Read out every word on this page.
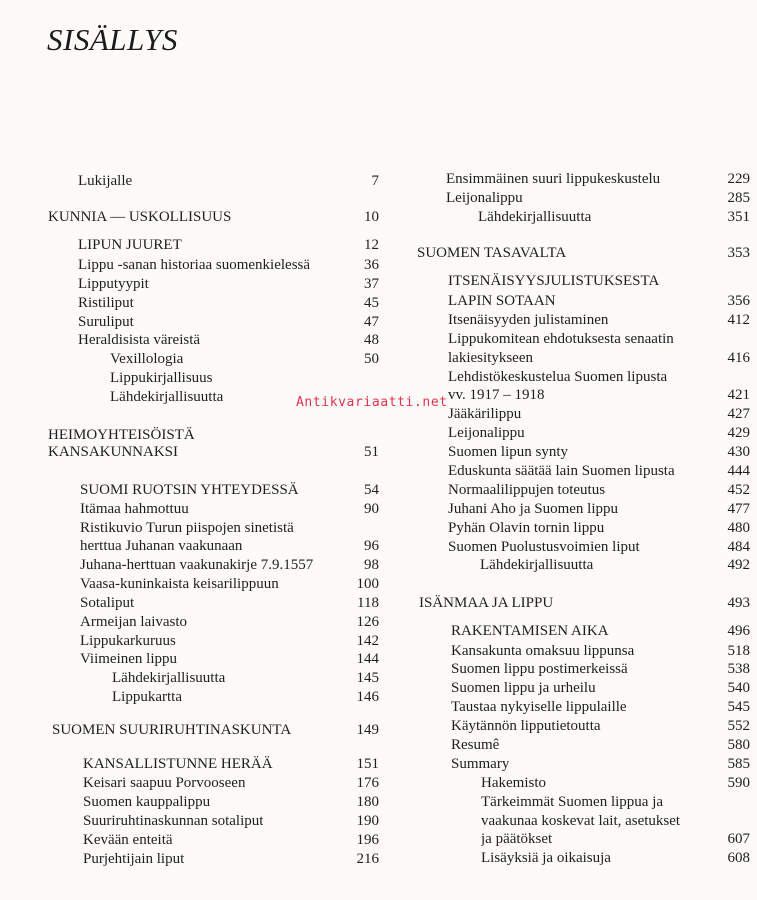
SISÄLLYS
Lukijalle	7
KUNNIA — USKOLLISUUS	10
LIPUN JUURET	12
Lippu -sanan historiaa suomenkielessä	36
Lipputyypit	37
Ristiliput	45
Suruliput	47
Heraldisista väreistä	48
Vexillologia	50
Lippukirjallisuus
Lähdekirjallisuutta
HEIMOYHTEISÖISTÄ
KANSAKUNNAKSI	51
SUOMI RUOTSIN YHTEYDESSÄ	54
Itämaa hahmottuu	90
Ristikuvio Turun piispojen sinetistä
herttua Juhanan vaakunaan	96
Juhana-herttuan vaakunakirje 7.9.1557	98
Vaasa-kuninkaista keisarilippuun	100
Sotaliput	118
Armeijan laivasto	126
Lippukarkuruus	142
Viimeinen lippu	144
Lähdekirjallisuutta	145
Lippukartta	146
SUOMEN SUURIRUHTINASKUNTA	149
KANSALLISTUNNE HERÄÄ	151
Keisari saapuu Porvooseen	176
Suomen kauppalippu	180
Suuriruhtinaskunnan sotaliput	190
Kevään enteitä	196
Purjehtijain liput	216
Ensimmäinen suuri lippukeskustelu	229
Leijonalippu	285
Lähdekirjallisuutta	351
SUOMEN TASAVALTA	353
ITSENÄISYYSJULISTUKSESTA
LAPIN SOTAAN	356
Itsenäisyyden julistaminen	412
Lippukomitean ehdotuksesta senaatin
lakiesitykseen	416
Lehdistökeskustelua Suomen lipusta
vv. 1917 – 1918	421
Jääkärilippu	427
Leijonalippu	429
Suomen lipun synty	430
Eduskunta säätää lain Suomen lipusta	444
Normaalilippujen toteutus	452
Juhani Aho ja Suomen lippu	477
Pyhän Olavin tornin lippu	480
Suomen Puolustusvoimien liput	484
Lähdekirjallisuutta	492
ISÄNMAA JA LIPPU	493
RAKENTAMISEN AIKA	496
Kansakunta omaksuu lippunsa	518
Suomen lippu postimerkeissä	538
Suomen lippu ja urheilu	540
Taustaa nykyiselle lippulaille	545
Käytännön lipputietoutta	552
Resumê	580
Summary	585
Hakemisto	590
Tärkeimmät Suomen lippua ja
vaakunaa koskevat lait, asetukset
ja päätökset	607
Lisäyksiä ja oikaisuja	608
Antikvariaatti.net
